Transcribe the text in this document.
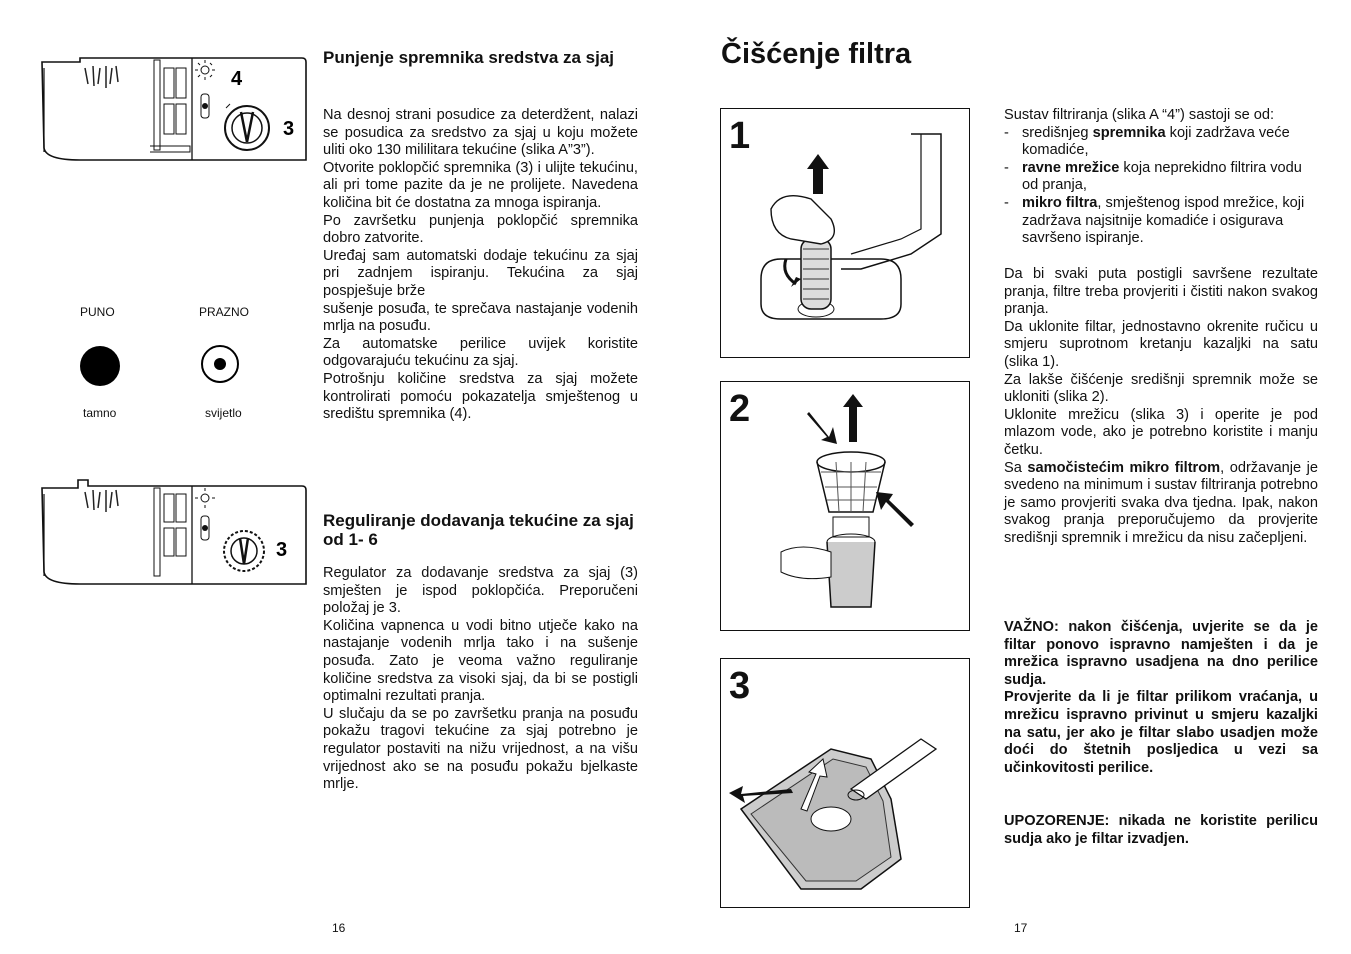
4
3
PUNO	PRAZNO
tamno	svijetlo
3
Punjenje spremnika sredstva za sjaj

Na desnoj strani posudice za deterdžent, nalazi se posudica za sredstvo za sjaj u koju možete uliti oko 130 mililitara tekućine (slika A”3”).

Otvorite poklopčić spremnika (3) i ulijte tekućinu, ali pri tome pazite da je ne prolijete. Navedena količina bit će dostatna za mnoga ispiranja.

Po završetku punjenja poklopčić spremnika dobro zatvorite.

Uređaj sam automatski dodaje tekućinu za sjaj pri zadnjem ispiranju. Tekućina za sjaj pospješuje brže

sušenje posuđa, te sprečava nastajanje vodenih mrlja na posuđu.

Za automatske perilice uvijek koristite odgovarajuću tekućinu za sjaj.

Potrošnju količine sredstva za sjaj možete kontrolirati pomoću pokazatelja smještenog u središtu spremnika (4).

Reguliranje dodavanja tekućine za sjaj od 1- 6

Regulator za dodavanje sredstva za sjaj (3) smješten je ispod poklopčića. Preporučeni položaj je 3.

Količina vapnenca u vodi bitno utječe kako na nastajanje vodenih mrlja tako i na sušenje posuđa. Zato je veoma važno reguliranje količine sredstva za visoki sjaj, da bi se postigli optimalni rezultati pranja.

U slučaju da se po završetku pranja na posuđu pokažu tragovi tekućine za sjaj potrebno je regulator postaviti na nižu vrijednost, a na višu vrijednost ako se na posuđu pokažu bjelkaste mrlje.

16
Čišćenje filtra
1
2
3

Sustav filtriranja (slika A “4”) sastoji se od:

- središnjeg spremnika koji zadržava veće komadiće,
- ravne mrežice koja neprekidno filtrira vodu od pranja,
- mikro filtra, smještenog ispod mrežice, koji zadržava najsitnije komadiće i osigurava savršeno ispiranje.

Da bi svaki puta postigli savršene rezultate pranja, filtre treba provjeriti i čistiti nakon svakog pranja.

Da uklonite filtar, jednostavno okrenite ručicu u smjeru suprotnom kretanju kazaljki na satu (slika 1).

Za lakše čišćenje središnji spremnik može se ukloniti (slika 2).

Uklonite mrežicu (slika 3) i operite je pod mlazom vode, ako je potrebno koristite i manju četku.

Sa samočistećim mikro filtrom, održavanje je svedeno na minimum i sustav filtriranja potrebno je samo provjeriti svaka dva tjedna. Ipak, nakon svakog pranja preporučujemo da provjerite središnji spremnik i mrežicu da nisu začepljeni.

VAŽNO: nakon čišćenja, uvjerite se da je filtar ponovo ispravno namješten i da je mrežica ispravno usadjena na dno perilice sudja.

Provjerite da li je filtar prilikom vraćanja, u mrežicu ispravno privinut u smjeru kazaljki na satu, jer ako je filtar slabo usadjen može doći do štetnih posljedica u vezi sa učinkovitosti perilice.

UPOZORENJE: nikada ne koristite perilicu sudja ako je filtar izvadjen.

17
